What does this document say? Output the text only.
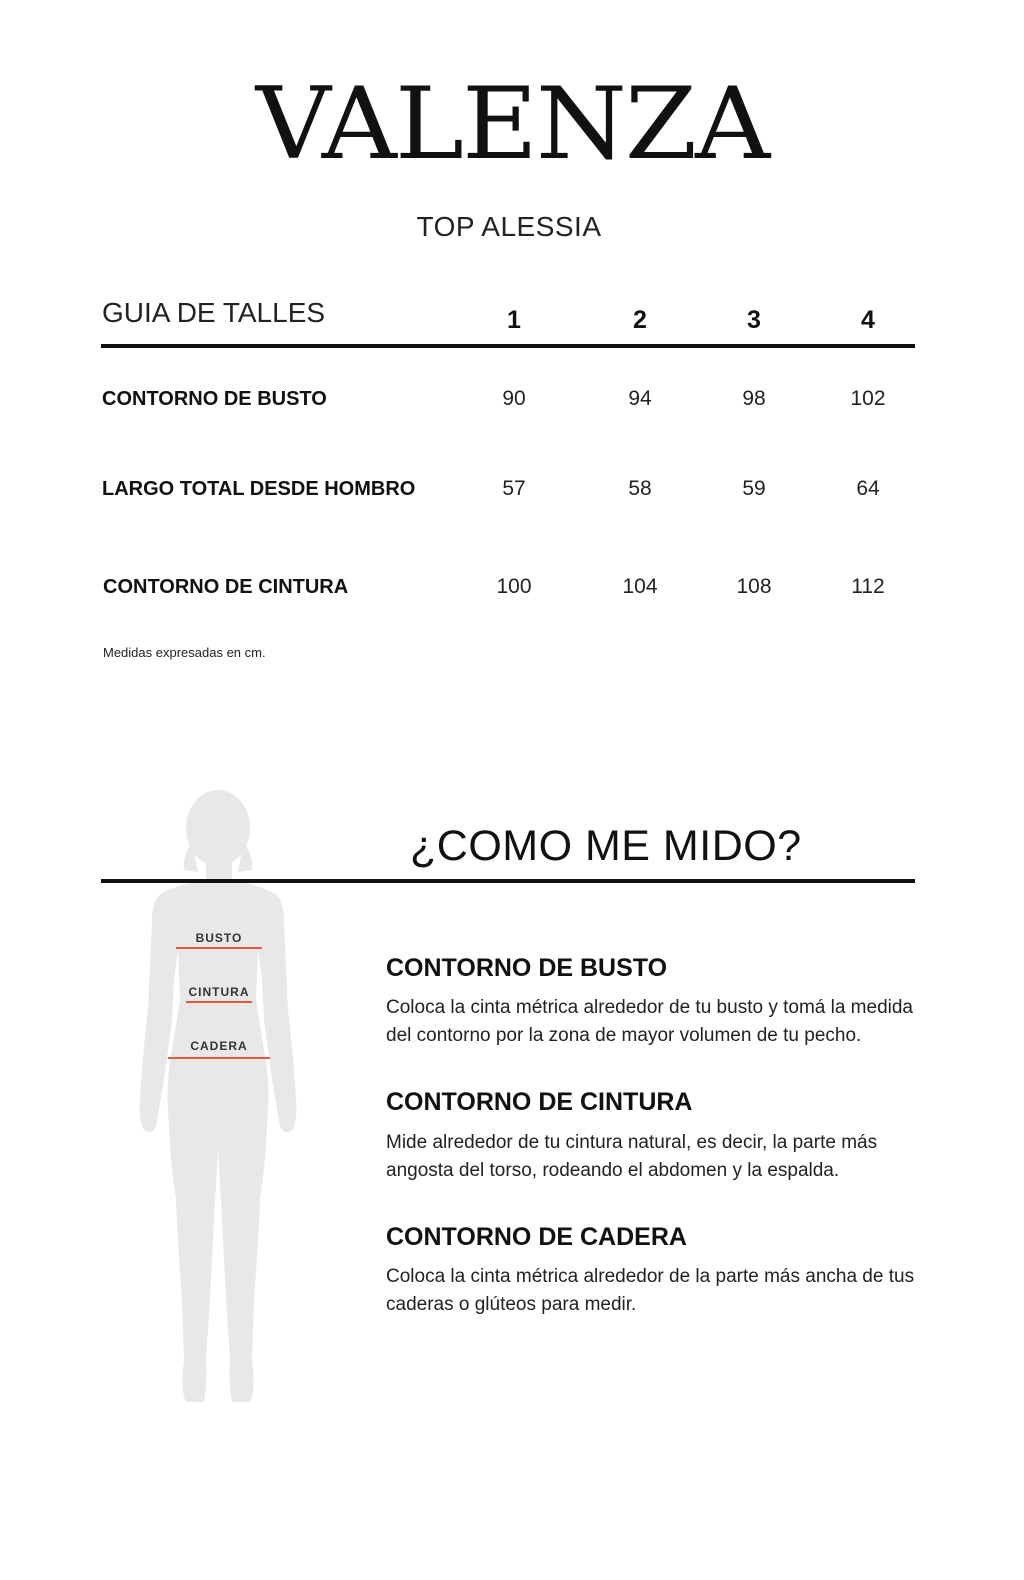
VALENZA
TOP ALESSIA
GUIA DE TALLES	1	2	3	4
CONTORNO DE BUSTO	90	94	98	102
LARGO TOTAL DESDE HOMBRO	57	58	59	64
CONTORNO DE CINTURA	100	104	108	112
Medidas expresadas en cm.
BUSTO
CINTURA
CADERA
¿COMO ME MIDO?
CONTORNO DE BUSTO
Coloca la cinta métrica alrededor de tu busto y tomá la medida
del contorno por la zona de mayor volumen de tu pecho.
CONTORNO DE CINTURA
Mide alrededor de tu cintura natural, es decir, la parte más
angosta del torso, rodeando el abdomen y la espalda.
CONTORNO DE CADERA
Coloca la cinta métrica alrededor de la parte más ancha de tus
caderas o glúteos para medir.
